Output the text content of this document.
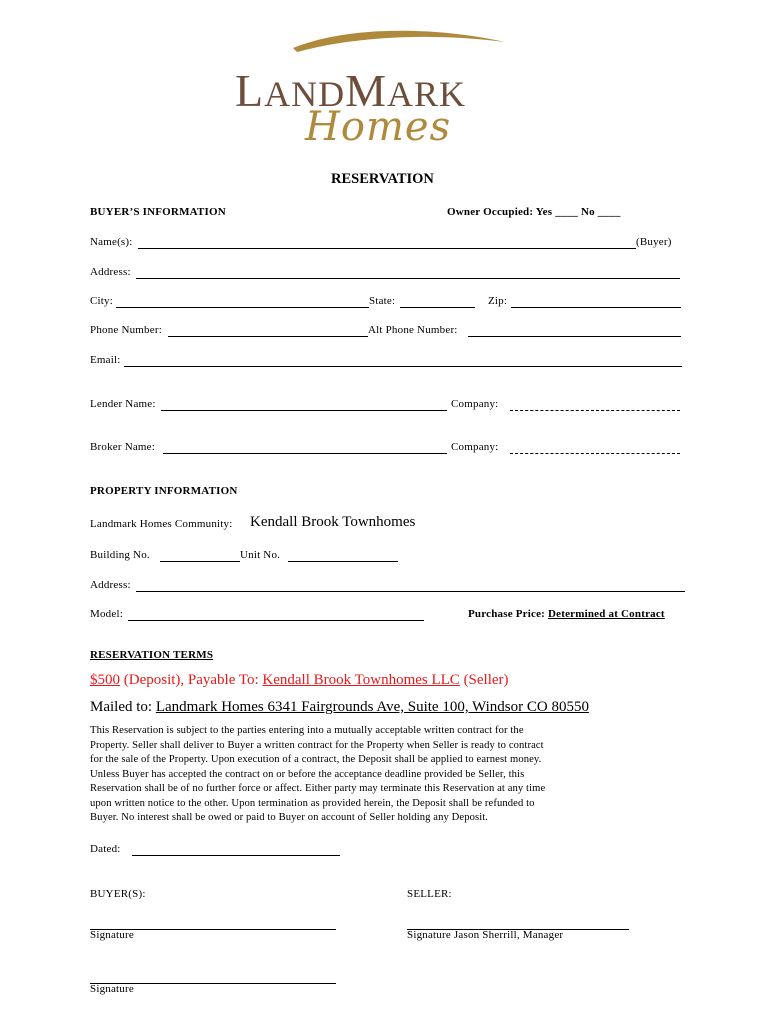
LANDMARK
Homes
RESERVATION
BUYER’S INFORMATION	Owner Occupied: Yes ____ No ____
Name(s):	(Buyer)
Address:
City:	State:	Zip:
Phone Number:	Alt Phone Number:
Email:
Lender Name:	Company:
Broker Name:	Company:
PROPERTY INFORMATION
Landmark Homes Community: Kendall Brook Townhomes
Building No.	Unit No.
Address:
Model:	Purchase Price: Determined at Contract
RESERVATION TERMS
$500 (Deposit), Payable To: Kendall Brook Townhomes LLC (Seller)
Mailed to: Landmark Homes 6341 Fairgrounds Ave, Suite 100, Windsor CO 80550
This Reservation is subject to the parties entering into a mutually acceptable written contract for the
Property. Seller shall deliver to Buyer a written contract for the Property when Seller is ready to contract
for the sale of the Property. Upon execution of a contract, the Deposit shall be applied to earnest money.
Unless Buyer has accepted the contract on or before the acceptance deadline provided be Seller, this
Reservation shall be of no further force or affect. Either party may terminate this Reservation at any time
upon written notice to the other. Upon termination as provided herein, the Deposit shall be refunded to
Buyer. No interest shall be owed or paid to Buyer on account of Seller holding any Deposit.
Dated:
BUYER(S):	SELLER:
Signature	Signature Jason Sherrill, Manager
Signature
